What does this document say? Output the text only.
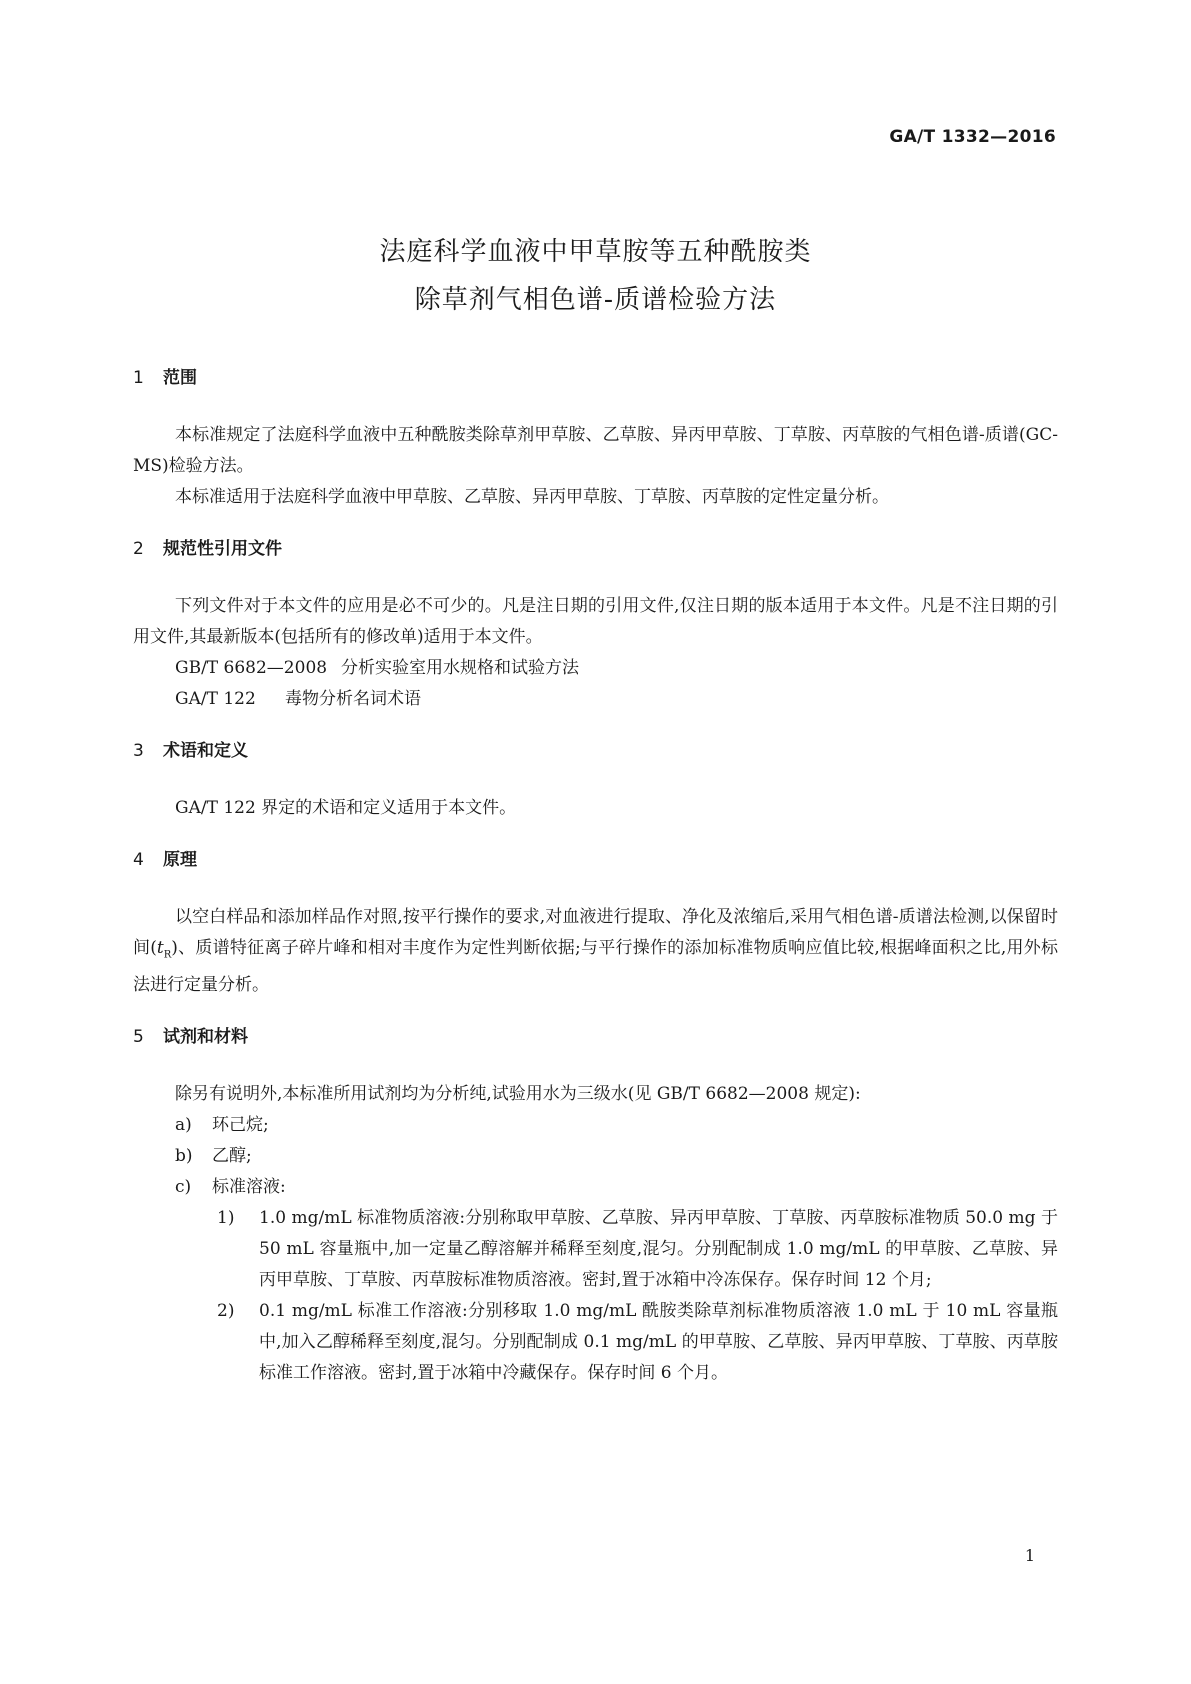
GA/T 1332—2016
法庭科学血液中甲草胺等五种酰胺类
除草剂气相色谱-质谱检验方法
1 范围
本标准规定了法庭科学血液中五种酰胺类除草剂甲草胺、乙草胺、异丙甲草胺、丁草胺、丙草胺的气相色谱-质谱(GC-MS)检验方法。
本标准适用于法庭科学血液中甲草胺、乙草胺、异丙甲草胺、丁草胺、丙草胺的定性定量分析。
2 规范性引用文件
下列文件对于本文件的应用是必不可少的。凡是注日期的引用文件,仅注日期的版本适用于本文件。凡是不注日期的引用文件,其最新版本(包括所有的修改单)适用于本文件。
GB/T 6682—2008 分析实验室用水规格和试验方法
GA/T 122 毒物分析名词术语
3 术语和定义
GA/T 122 界定的术语和定义适用于本文件。
4 原理
以空白样品和添加样品作对照,按平行操作的要求,对血液进行提取、净化及浓缩后,采用气相色谱-质谱法检测,以保留时间$(t_R)$、质谱特征离子碎片峰和相对丰度作为定性判断依据;与平行操作的添加标准物质响应值比较,根据峰面积之比,用外标法进行定量分析。
5 试剂和材料
除另有说明外,本标准所用试剂均为分析纯,试验用水为三级水(见 GB/T 6682—2008 规定):
a)	环己烷;
b)	乙醇;
c)	标准溶液:
1)	1.0 mg/mL 标准物质溶液:分别称取甲草胺、乙草胺、异丙甲草胺、丁草胺、丙草胺标准物质 50.0 mg 于 50 mL 容量瓶中,加一定量乙醇溶解并稀释至刻度,混匀。分别配制成 1.0 mg/mL 的甲草胺、乙草胺、异丙甲草胺、丁草胺、丙草胺标准物质溶液。密封,置于冰箱中冷冻保存。保存时间 12 个月;
2)	0.1 mg/mL 标准工作溶液:分别移取 1.0 mg/mL 酰胺类除草剂标准物质溶液 1.0 mL 于 10 mL 容量瓶中,加入乙醇稀释至刻度,混匀。分别配制成 0.1 mg/mL 的甲草胺、乙草胺、异丙甲草胺、丁草胺、丙草胺标准工作溶液。密封,置于冰箱中冷藏保存。保存时间 6 个月。
1
